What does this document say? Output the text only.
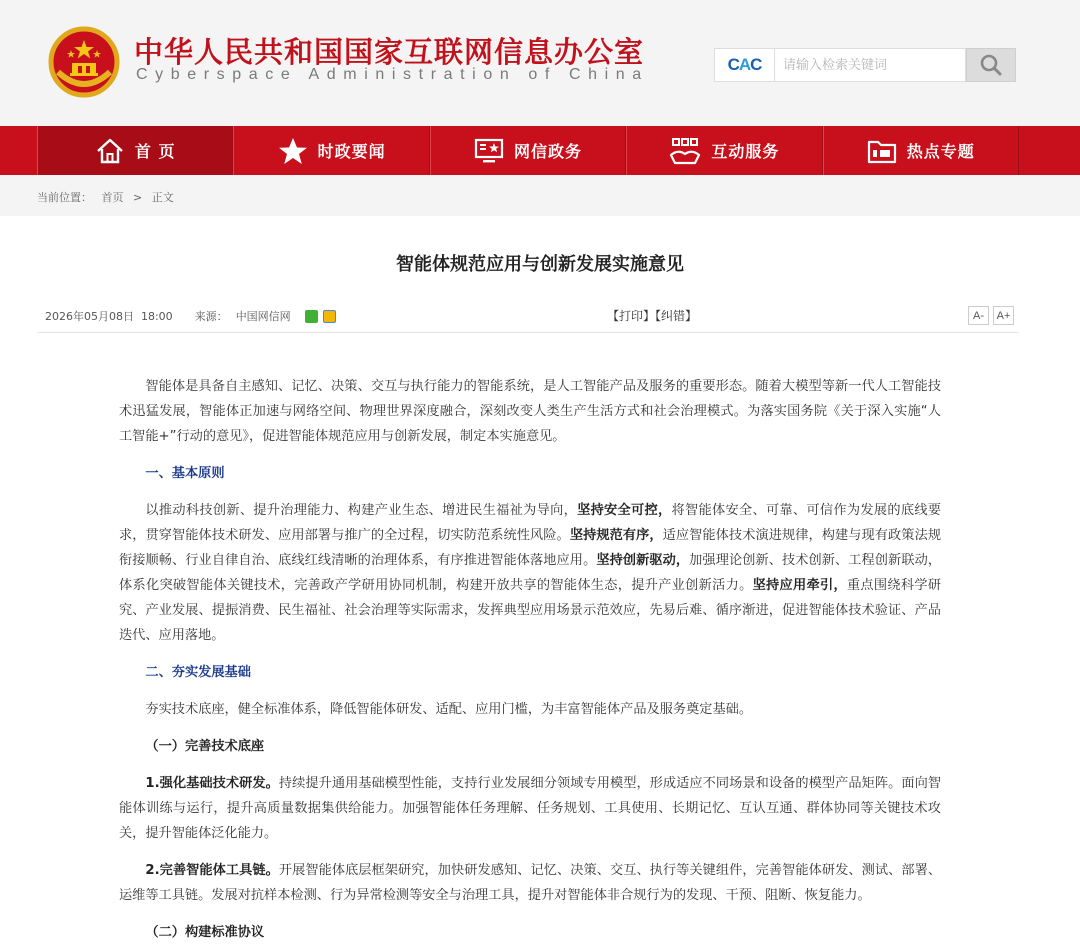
中华人民共和国国家互联网信息办公室
Cyberspace Administration of China
C A C
请输入检索关键词
首 页	时政要闻	网信政务	互动服务	热点专题
当前位置： 首页 > 正文
智能体规范应用与创新发展实施意见
2026年05月08日  18:00 来源： 中国网信网	【打印】【纠错】	A-	A+

智能体是具备自主感知、记忆、决策、交互与执行能力的智能系统，是人工智能产品及服务的重要形态。随着大模型等新一代人工智能技术迅猛发展，智能体正加速与网络空间、物理世界深度融合，深刻改变人类生产生活方式和社会治理模式。为落实国务院《关于深入实施“人工智能+”行动的意见》，促进智能体规范应用与创新发展，制定本实施意见。

一、基本原则

以推动科技创新、提升治理能力、构建产业生态、增进民生福祉为导向，坚持安全可控，将智能体安全、可靠、可信作为发展的底线要求，贯穿智能体技术研发、应用部署与推广的全过程，切实防范系统性风险。坚持规范有序，适应智能体技术演进规律，构建与现有政策法规衔接顺畅、行业自律自治、底线红线清晰的治理体系，有序推进智能体落地应用。坚持创新驱动，加强理论创新、技术创新、工程创新联动，体系化突破智能体关键技术，完善政产学研用协同机制，构建开放共享的智能体生态，提升产业创新活力。坚持应用牵引，重点围绕科学研究、产业发展、提振消费、民生福祉、社会治理等实际需求，发挥典型应用场景示范效应，先易后难、循序渐进，促进智能体技术验证、产品迭代、应用落地。

二、夯实发展基础

夯实技术底座，健全标准体系，降低智能体研发、适配、应用门槛，为丰富智能体产品及服务奠定基础。

（一）完善技术底座

1.强化基础技术研发。持续提升通用基础模型性能，支持行业发展细分领域专用模型，形成适应不同场景和设备的模型产品矩阵。面向智能体训练与运行，提升高质量数据集供给能力。加强智能体任务理解、任务规划、工具使用、长期记忆、互认互通、群体协同等关键技术攻关，提升智能体泛化能力。

2.完善智能体工具链。开展智能体底层框架研究，加快研发感知、记忆、决策、交互、执行等关键组件，完善智能体研发、测试、部署、运维等工具链。发展对抗样本检测、行为异常检测等安全与治理工具，提升对智能体非合规行为的发现、干预、阻断、恢复能力。

（二）构建标准协议
